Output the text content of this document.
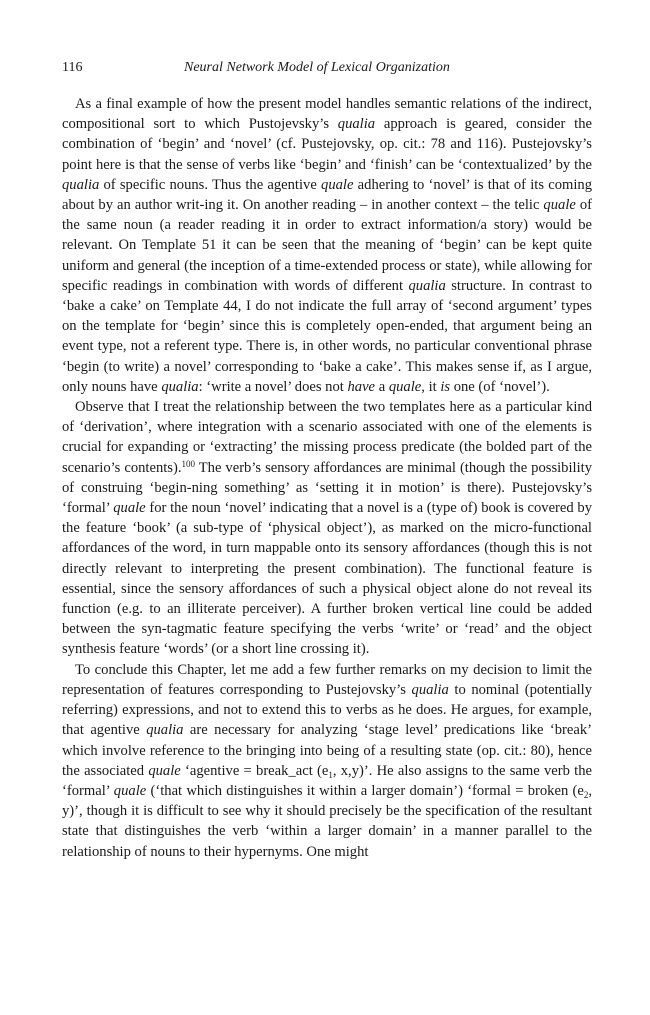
116	Neural Network Model of Lexical Organization

As a final example of how the present model handles semantic relations of the indirect, compositional sort to which Pustojevsky’s qualia approach is geared, consider the combination of ‘begin’ and ‘novel’ (cf. Pustejovsky, op. cit.: 78 and 116). Pustejovsky’s point here is that the sense of verbs like ‘begin’ and ‘finish’ can be ‘contextualized’ by the qualia of specific nouns. Thus the agentive quale adhering to ‘novel’ is that of its coming about by an author writ-ing it. On another reading – in another context – the telic quale of the same noun (a reader reading it in order to extract information/a story) would be relevant. On Template 51 it can be seen that the meaning of ‘begin’ can be kept quite uniform and general (the inception of a time-extended process or state), while allowing for specific readings in combination with words of different qualia structure. In contrast to ‘bake a cake’ on Template 44, I do not indicate the full array of ‘second argument’ types on the template for ‘begin’ since this is completely open-ended, that argument being an event type, not a referent type. There is, in other words, no particular conventional phrase ‘begin (to write) a novel’ corresponding to ‘bake a cake’. This makes sense if, as I argue, only nouns have qualia: ‘write a novel’ does not have a quale, it is one (of ‘novel’).

Observe that I treat the relationship between the two templates here as a particular kind of ‘derivation’, where integration with a scenario associated with one of the elements is crucial for expanding or ‘extracting’ the missing process predicate (the bolded part of the scenario’s contents).$^{100}$ The verb’s sensory affordances are minimal (though the possibility of construing ‘begin-ning something’ as ‘setting it in motion’ is there). Pustejovsky’s ‘formal’ quale for the noun ‘novel’ indicating that a novel is a (type of) book is covered by the feature ‘book’ (a sub-type of ‘physical object’), as marked on the micro-functional affordances of the word, in turn mappable onto its sensory affordances (though this is not directly relevant to interpreting the present combination). The functional feature is essential, since the sensory affordances of such a physical object alone do not reveal its function (e.g. to an illiterate perceiver). A further broken vertical line could be added between the syn-tagmatic feature specifying the verbs ‘write’ or ‘read’ and the object synthesis feature ‘words’ (or a short line crossing it).

To conclude this Chapter, let me add a few further remarks on my decision to limit the representation of features corresponding to Pustejovsky’s qualia to nominal (potentially referring) expressions, and not to extend this to verbs as he does. He argues, for example, that agentive qualia are necessary for analyzing ‘stage level’ predications like ‘break’ which involve reference to the bringing into being of a resulting state (op. cit.: 80), hence the associated quale ‘agentive = break_act ($e_1$, x,y)’. He also assigns to the same verb the ‘formal’ quale (‘that which distinguishes it within a larger domain’) ‘formal = broken ($e_2$, y)’, though it is difficult to see why it should precisely be the specification of the resultant state that distinguishes the verb ‘within a larger domain’ in a manner parallel to the relationship of nouns to their hypernyms. One might
